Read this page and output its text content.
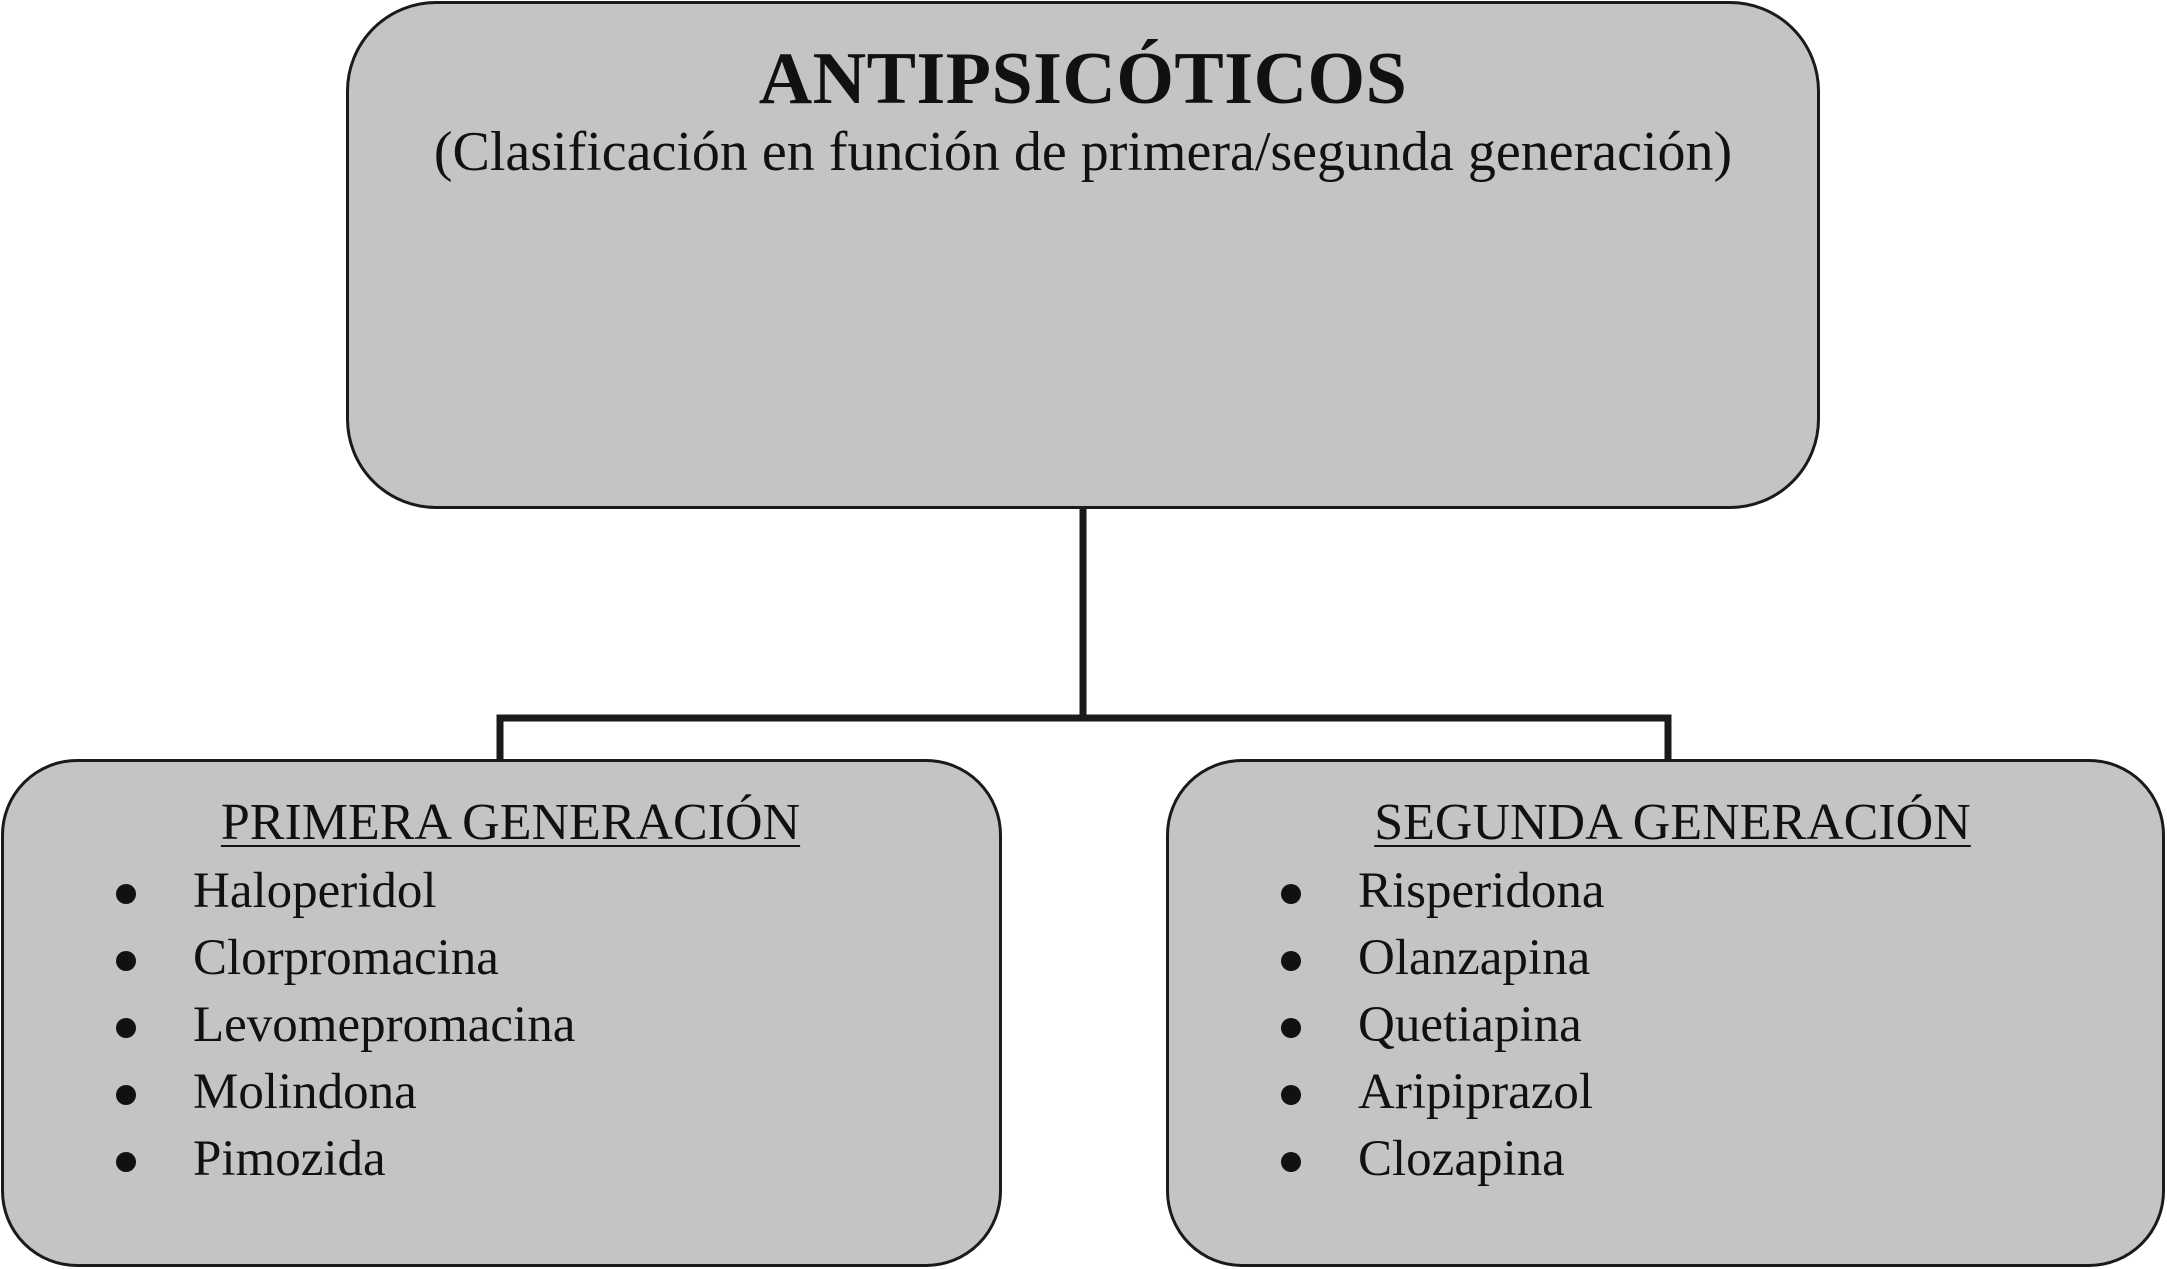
ANTIPSICÓTICOS
(Clasificación en función de primera/segunda generación)
PRIMERA GENERACIÓN
Haloperidol
Clorpromacina
Levomepromacina
Molindona
Pimozida
SEGUNDA GENERACIÓN
Risperidona
Olanzapina
Quetiapina
Aripiprazol
Clozapina
